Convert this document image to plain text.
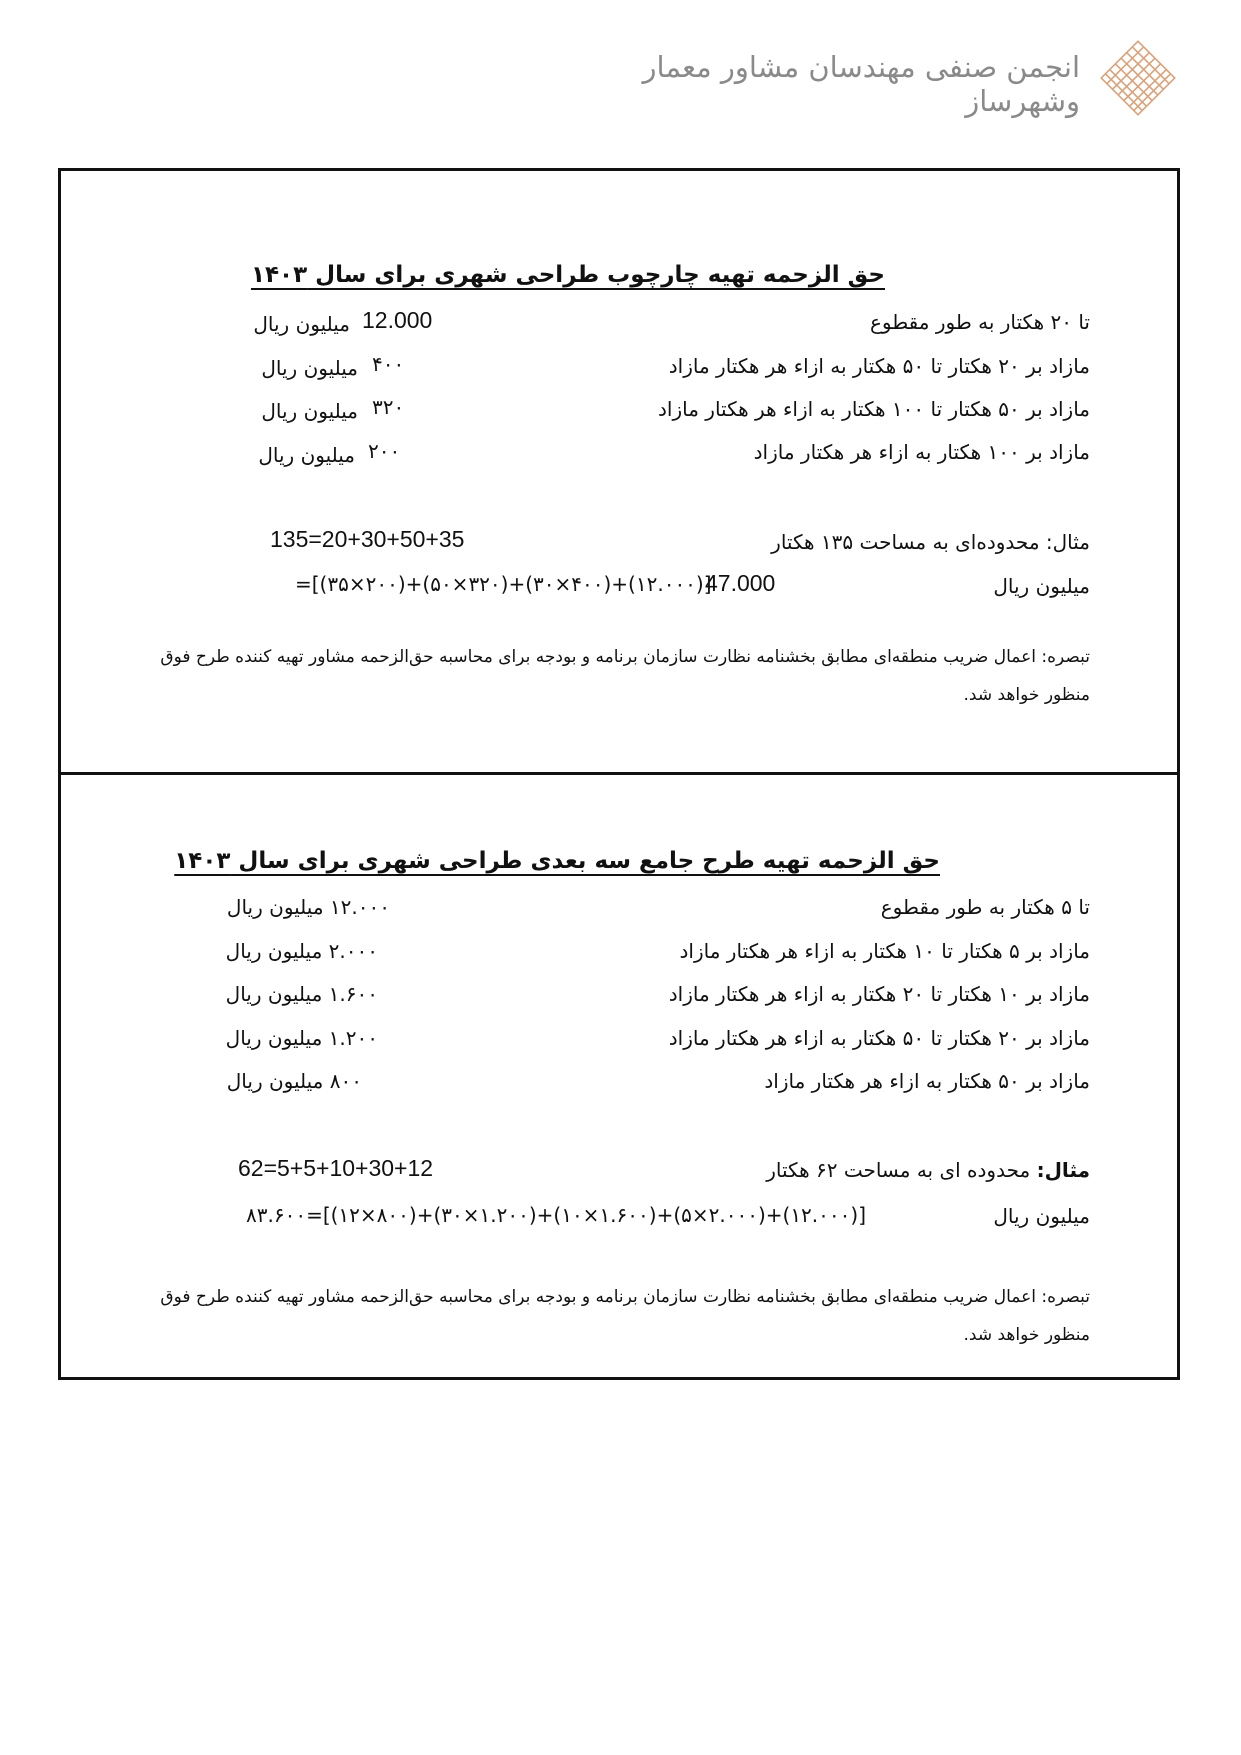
انجمن صنفی مهندسان مشاور معمار وشهرساز
حق الزحمه تهیه چارچوب طراحی شهری برای سال ۱۴۰۳
تا ۲۰ هکتار به طور مقطوع
12.000
میلیون ریال
مازاد بر ۲۰ هکتار تا ۵۰ هکتار به ازاء هر هکتار مازاد
۴۰۰
میلیون ریال
مازاد بر ۵۰ هکتار تا ۱۰۰ هکتار به ازاء هر هکتار مازاد
۳۲۰
میلیون ریال
مازاد بر ۱۰۰ هکتار به ازاء هر هکتار مازاد
۲۰۰
میلیون ریال
مثال: محدوده‌ای به مساحت ۱۳۵ هکتار
135=20+30+50+35
میلیون ریال
47.000
=[(۳۵×۲۰۰)+(۵۰×۳۲۰)+(۳۰×۴۰۰)+(۱۲.۰۰۰)]
تبصره: اعمال ضریب منطقه‌ای مطابق بخشنامه نظارت سازمان برنامه و بودجه برای محاسبه حق‌الزحمه مشاور تهیه کننده طرح فوق
منظور خواهد شد.
حق الزحمه تهیه طرح جامع سه بعدی طراحی شهری برای سال ۱۴۰۳
تا ۵ هکتار به طور مقطوع
۱۲.۰۰۰ میلیون ریال
مازاد بر ۵ هکتار تا ۱۰ هکتار به ازاء هر هکتار مازاد
۲.۰۰۰ میلیون ریال
مازاد بر ۱۰ هکتار تا ۲۰ هکتار به ازاء هر هکتار مازاد
۱.۶۰۰ میلیون ریال
مازاد بر ۲۰ هکتار تا ۵۰ هکتار به ازاء هر هکتار مازاد
۱.۲۰۰ میلیون ریال
مازاد بر ۵۰ هکتار به ازاء هر هکتار مازاد
۸۰۰ میلیون ریال
مثال: محدوده ای به مساحت ۶۲ هکتار
62=5+5+10+30+12
میلیون ریال
۸۳.۶۰۰=[(۱۲×۸۰۰)+(۳۰×۱.۲۰۰)+(۱۰×۱.۶۰۰)+(۵×۲.۰۰۰)+(۱۲.۰۰۰)]
تبصره: اعمال ضریب منطقه‌ای مطابق بخشنامه نظارت سازمان برنامه و بودجه برای محاسبه حق‌الزحمه مشاور تهیه کننده طرح فوق
منظور خواهد شد.
